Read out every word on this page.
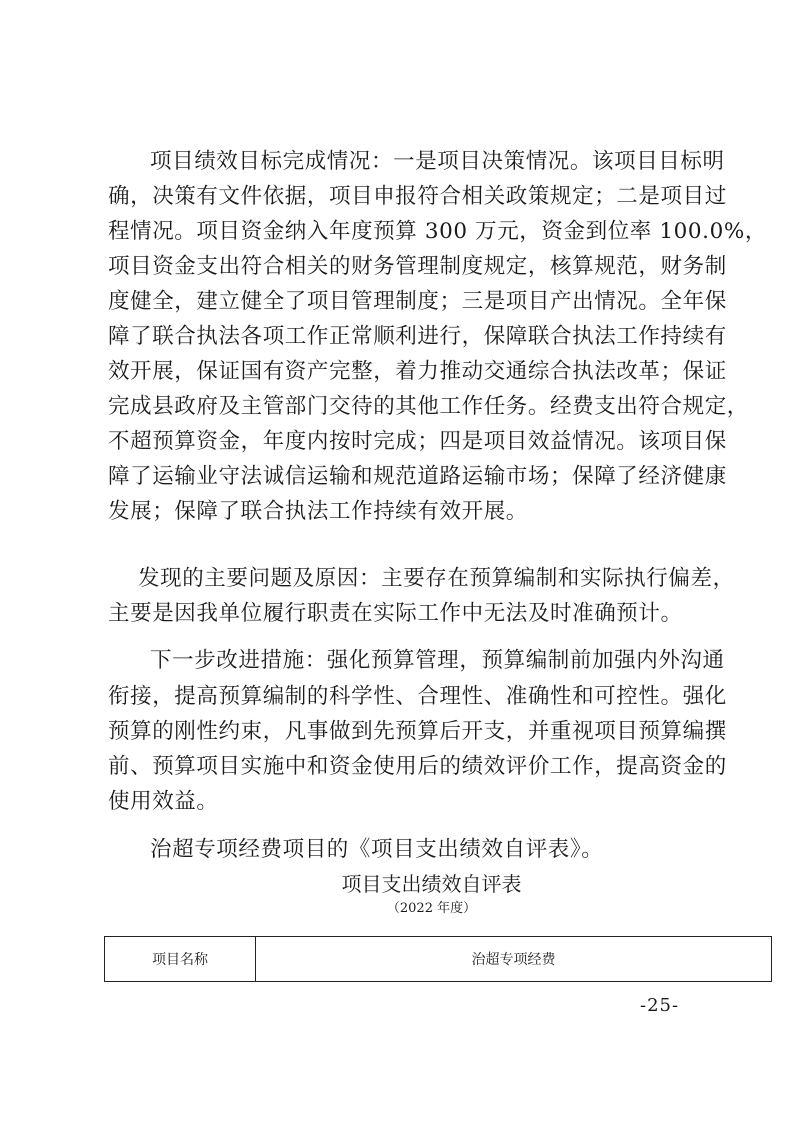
项目绩效目标完成情况：一是项目决策情况。该项目目标明
确，决策有文件依据，项目申报符合相关政策规定；二是项目过
程情况。项目资金纳入年度预算 300 万元，资金到位率 100.0%，
项目资金支出符合相关的财务管理制度规定，核算规范，财务制
度健全，建立健全了项目管理制度；三是项目产出情况。全年保
障了联合执法各项工作正常顺利进行，保障联合执法工作持续有
效开展，保证国有资产完整，着力推动交通综合执法改革；保证
完成县政府及主管部门交待的其他工作任务。经费支出符合规定，
不超预算资金，年度内按时完成；四是项目效益情况。该项目保
障了运输业守法诚信运输和规范道路运输市场；保障了经济健康
发展；保障了联合执法工作持续有效开展。
发现的主要问题及原因：主要存在预算编制和实际执行偏差，
主要是因我单位履行职责在实际工作中无法及时准确预计。
下一步改进措施：强化预算管理，预算编制前加强内外沟通
衔接，提高预算编制的科学性、合理性、准确性和可控性。强化
预算的刚性约束，凡事做到先预算后开支，并重视项目预算编撰
前、预算项目实施中和资金使用后的绩效评价工作，提高资金的
使用效益。
治超专项经费项目的《项目支出绩效自评表》。
项目支出绩效自评表
（2022 年度）
项目名称	治超专项经费
-25-
